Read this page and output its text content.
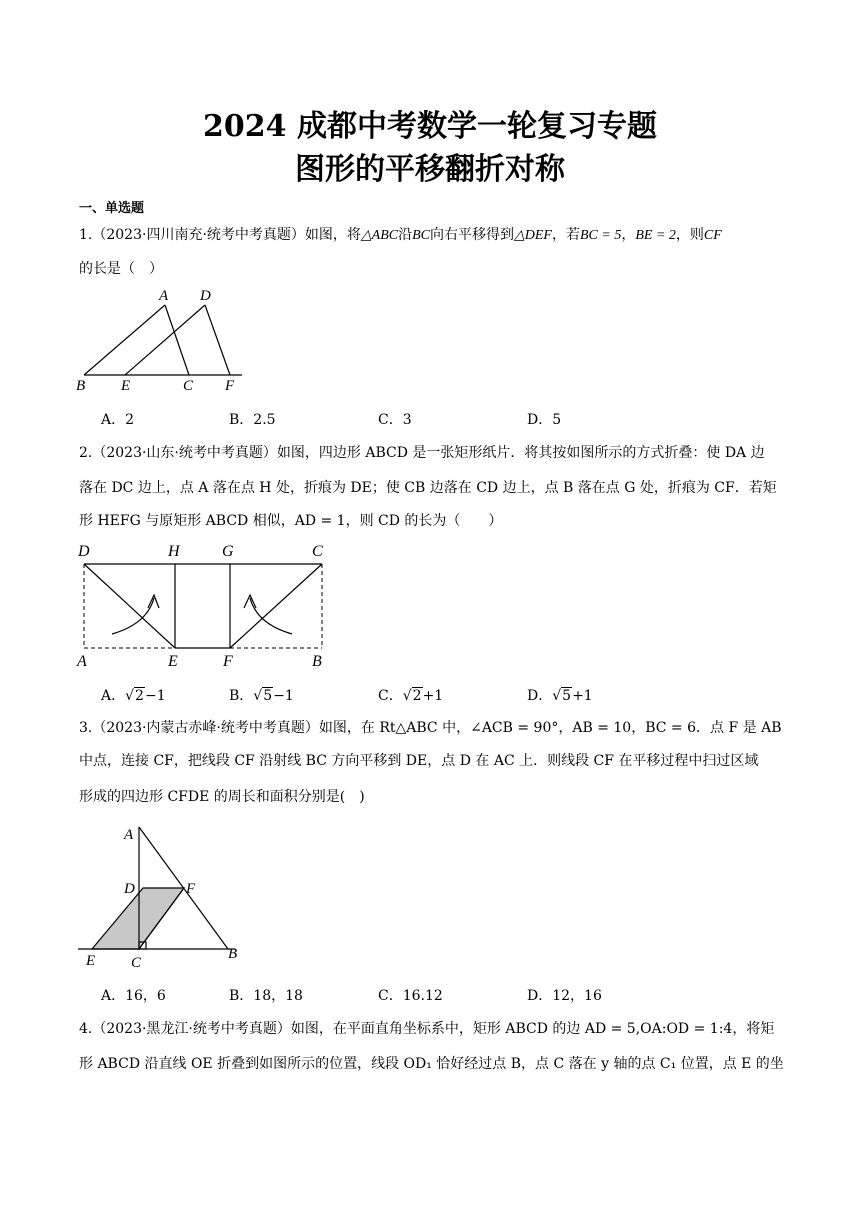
2024 成都中考数学一轮复习专题
图形的平移翻折对称
一、单选题
1.（2023·四川南充·统考中考真题）如图，将△ABC沿BC向右平移得到△DEF，若BC = 5，BE = 2，则CF
的长是（　）
A D
B E	C F
A．2	B．2.5	C．3	D．5
2.（2023·山东·统考中考真题）如图，四边形 ABCD 是一张矩形纸片．将其按如图所示的方式折叠：使 DA 边
落在 DC 边上，点 A 落在点 H 处，折痕为 DE；使 CB 边落在 CD 边上，点 B 落在点 G 处，折痕为 CF．若矩
形 HEFG 与原矩形 ABCD 相似，AD = 1，则 CD 的长为（　　）
D	H	G	C
A	E	F	B
A．√2−1	B．√5−1	C．√2+1	D．√5+1
3.（2023·内蒙古赤峰·统考中考真题）如图，在 Rt△ABC 中，∠ACB = 90°，AB = 10，BC = 6．点 F 是 AB
中点，连接 CF，把线段 CF 沿射线 BC 方向平移到 DE，点 D 在 AC 上．则线段 CF 在平移过程中扫过区域
形成的四边形 CFDE 的周长和面积分别是(　)
A
D	F
E C
B
A．16，6	B．18，18	C．16.12	D．12，16
4.（2023·黑龙江·统考中考真题）如图，在平面直角坐标系中，矩形 ABCD 的边 AD = 5,OA:OD = 1:4，将矩
形 ABCD 沿直线 OE 折叠到如图所示的位置，线段 OD₁ 恰好经过点 B，点 C 落在 y 轴的点 C₁ 位置，点 E 的坐
